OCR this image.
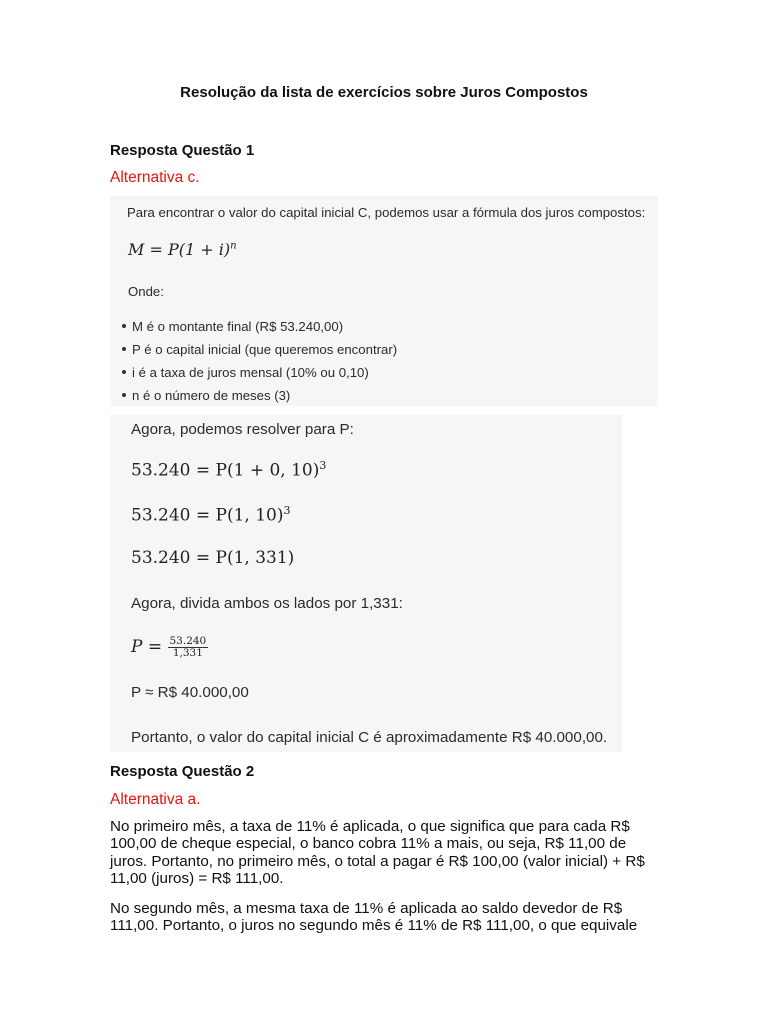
Resolução da lista de exercícios sobre Juros Compostos
Resposta Questão 1
Alternativa c.
Para encontrar o valor do capital inicial C, podemos usar a fórmula dos juros compostos:
$M = P(1 + i)^n$
Onde:
M é o montante final (R$ 53.240,00)
P é o capital inicial (que queremos encontrar)
i é a taxa de juros mensal (10% ou 0,10)
n é o número de meses (3)
Agora, podemos resolver para P:
53.240 = P(1 + 0, 10)$^3$
53.240 = P(1, 10)$^3$
53.240 = P(1, 331)
Agora, divida ambos os lados por 1,331:
$P = \frac{53.240}{1,331}$
P ≈ R$ 40.000,00
Portanto, o valor do capital inicial C é aproximadamente R$ 40.000,00.
Resposta Questão 2
Alternativa a.
No primeiro mês, a taxa de 11% é aplicada, o que significa que para cada R$
100,00 de cheque especial, o banco cobra 11% a mais, ou seja, R$ 11,00 de
juros. Portanto, no primeiro mês, o total a pagar é R$ 100,00 (valor inicial) + R$
11,00 (juros) = R$ 111,00.
No segundo mês, a mesma taxa de 11% é aplicada ao saldo devedor de R$
111,00. Portanto, o juros no segundo mês é 11% de R$ 111,00, o que equivale
